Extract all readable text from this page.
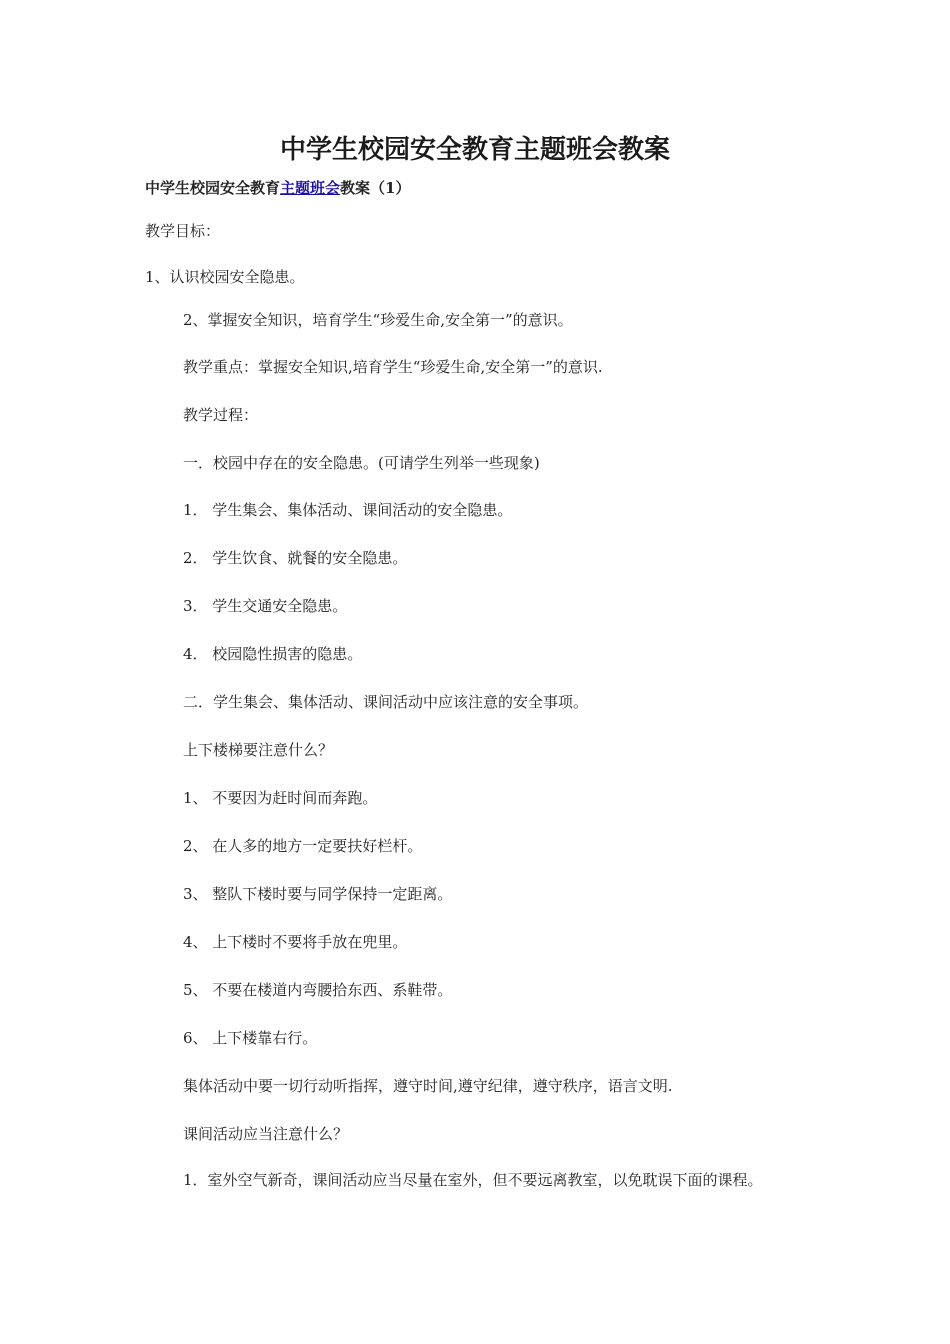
中学生校园安全教育主题班会教案
中学生校园安全教育主题班会教案（1）
教学目标：
1、认识校园安全隐患。
2、掌握安全知识，培育学生“珍爱生命,安全第一”的意识。
教学重点：掌握安全知识,培育学生“珍爱生命,安全第一”的意识.
教学过程：
一．校园中存在的安全隐患。(可请学生列举一些现象)
1． 学生集会、集体活动、课间活动的安全隐患。
2． 学生饮食、就餐的安全隐患。
3． 学生交通安全隐患。
4． 校园隐性损害的隐患。
二．学生集会、集体活动、课间活动中应该注意的安全事项。
上下楼梯要注意什么？
1、 不要因为赶时间而奔跑。
2、 在人多的地方一定要扶好栏杆。
3、 整队下楼时要与同学保持一定距离。
4、 上下楼时不要将手放在兜里。
5、 不要在楼道内弯腰拾东西、系鞋带。
6、 上下楼靠右行。
集体活动中要一切行动听指挥，遵守时间,遵守纪律，遵守秩序，语言文明.
课间活动应当注意什么？
1．室外空气新奇，课间活动应当尽量在室外，但不要远离教室，以免耽误下面的课程。
